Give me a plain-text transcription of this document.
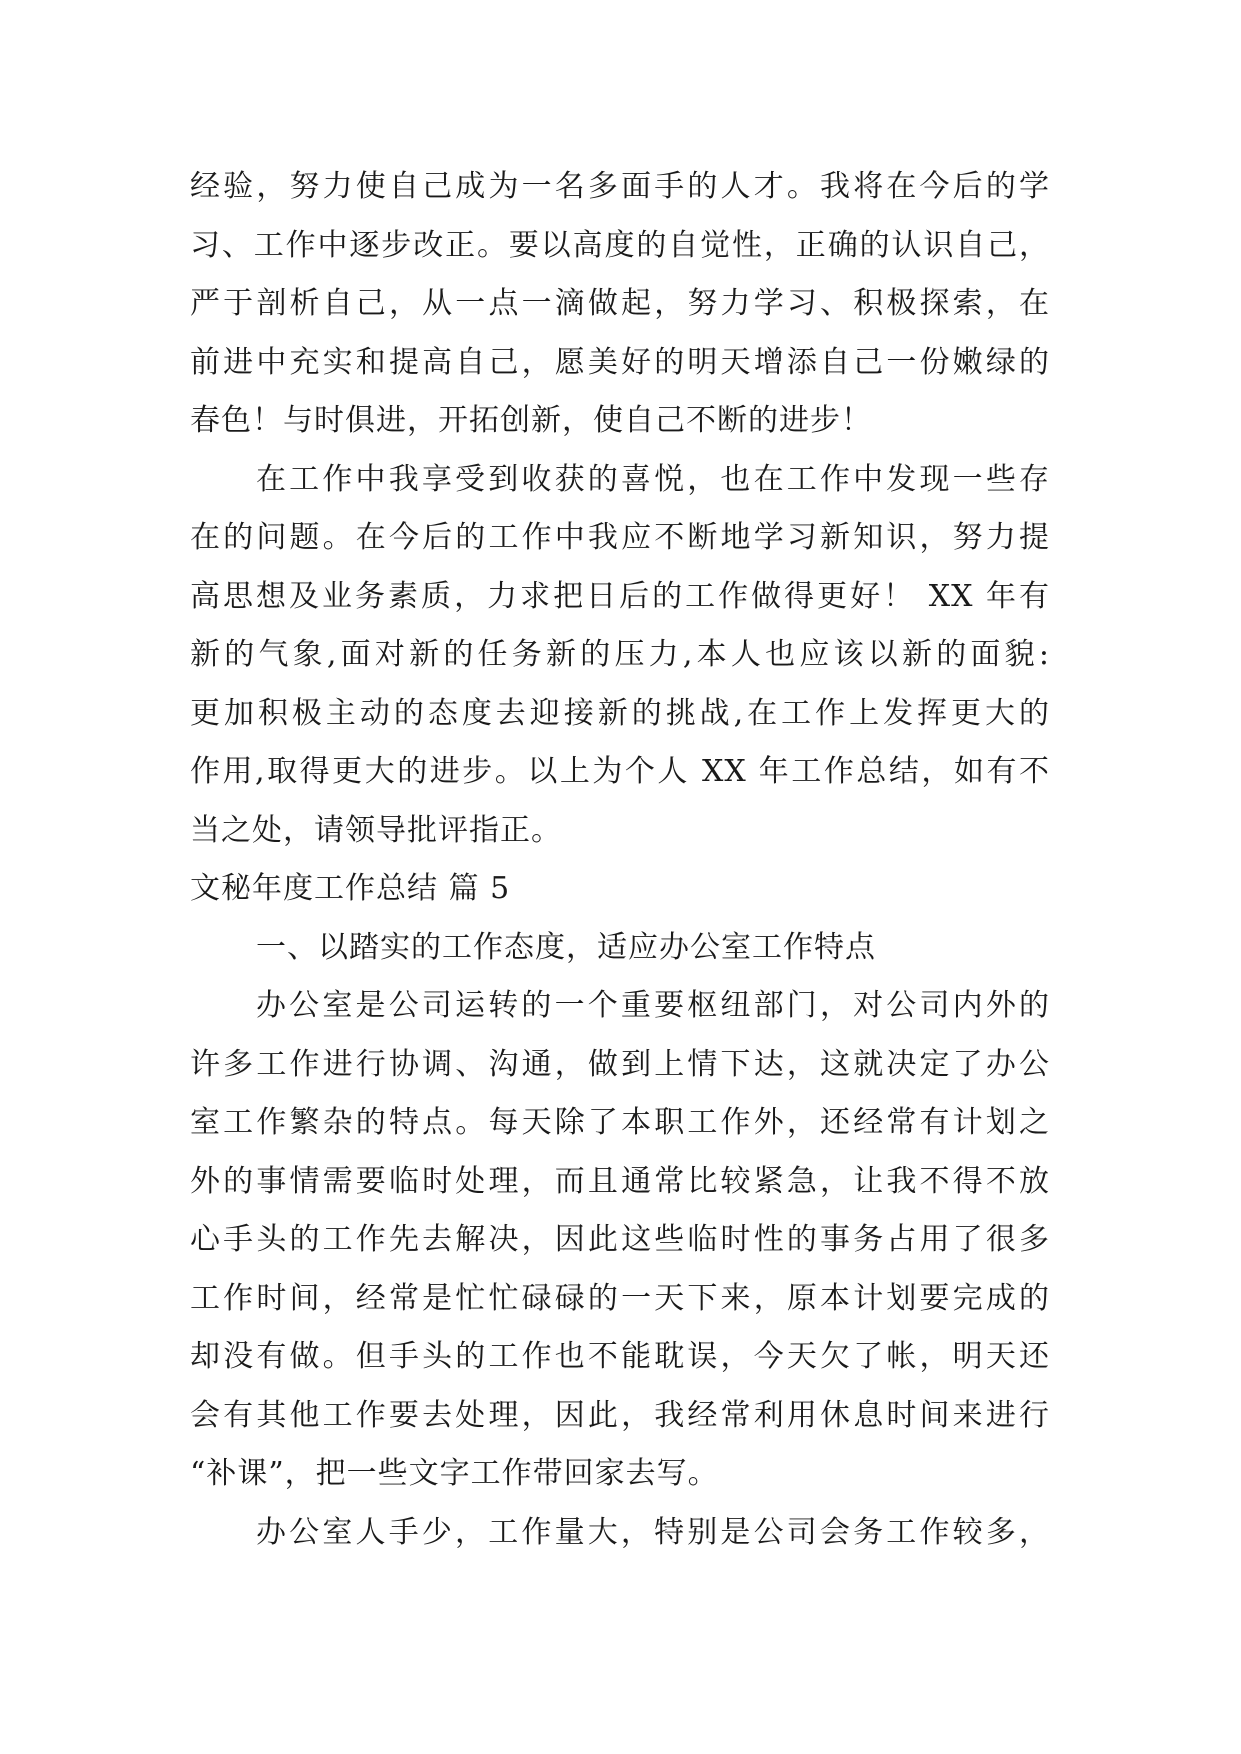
经验，努力使自己成为一名多面手的人才。我将在今后的学
习、工作中逐步改正。要以高度的自觉性，正确的认识自己，
严于剖析自己，从一点一滴做起，努力学习、积极探索，在
前进中充实和提高自己，愿美好的明天增添自己一份嫩绿的
春色！与时俱进，开拓创新，使自己不断的进步！
在工作中我享受到收获的喜悦，也在工作中发现一些存
在的问题。在今后的工作中我应不断地学习新知识，努力提
高思想及业务素质，力求把日后的工作做得更好！ XX 年有
新的气象,面对新的任务新的压力,本人也应该以新的面貌:
更加积极主动的态度去迎接新的挑战,在工作上发挥更大的
作用,取得更大的进步。以上为个人 XX 年工作总结，如有不
当之处，请领导批评指正。
文秘年度工作总结 篇 5
一、以踏实的工作态度，适应办公室工作特点
办公室是公司运转的一个重要枢纽部门，对公司内外的
许多工作进行协调、沟通，做到上情下达，这就决定了办公
室工作繁杂的特点。每天除了本职工作外，还经常有计划之
外的事情需要临时处理，而且通常比较紧急，让我不得不放
心手头的工作先去解决，因此这些临时性的事务占用了很多
工作时间，经常是忙忙碌碌的一天下来，原本计划要完成的
却没有做。但手头的工作也不能耽误，今天欠了帐，明天还
会有其他工作要去处理，因此，我经常利用休息时间来进行
“补课”，把一些文字工作带回家去写。
办公室人手少，工作量大，特别是公司会务工作较多，
